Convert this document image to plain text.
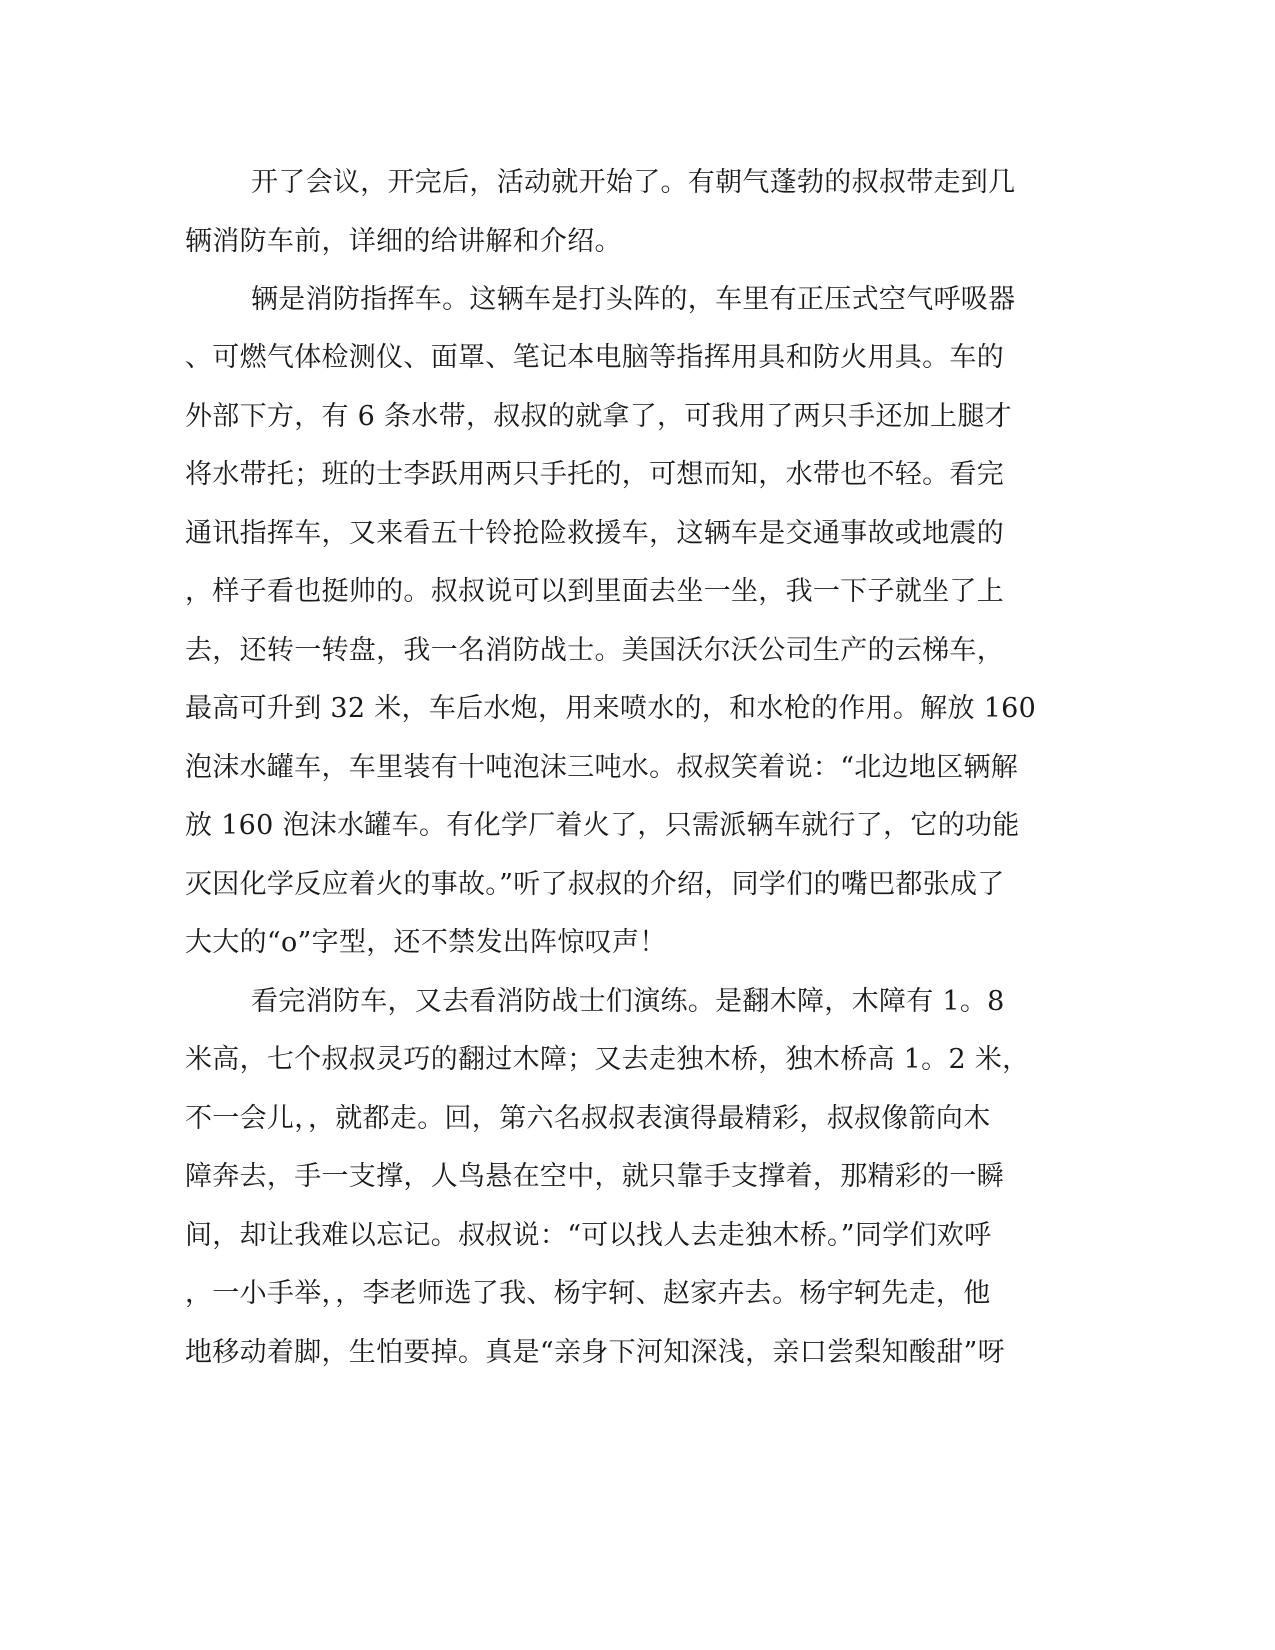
开了会议，开完后，活动就开始了。有朝气蓬勃的叔叔带走到几
辆消防车前，详细的给讲解和介绍。
辆是消防指挥车。这辆车是打头阵的，车里有正压式空气呼吸器
、可燃气体检测仪、面罩、笔记本电脑等指挥用具和防火用具。车的
外部下方，有 6 条水带，叔叔的就拿了，可我用了两只手还加上腿才
将水带托；班的士李跃用两只手托的，可想而知，水带也不轻。看完
通讯指挥车，又来看五十铃抢险救援车，这辆车是交通事故或地震的
，样子看也挺帅的。叔叔说可以到里面去坐一坐，我一下子就坐了上
去，还转一转盘，我一名消防战士。美国沃尔沃公司生产的云梯车，
最高可升到 32 米，车后水炮，用来喷水的，和水枪的作用。解放 160
泡沫水罐车，车里装有十吨泡沫三吨水。叔叔笑着说：“北边地区辆解
放 160 泡沫水罐车。有化学厂着火了，只需派辆车就行了，它的功能
灭因化学反应着火的事故。”听了叔叔的介绍，同学们的嘴巴都张成了
大大的“o”字型，还不禁发出阵惊叹声！
看完消防车，又去看消防战士们演练。是翻木障，木障有 1。8
米高，七个叔叔灵巧的翻过木障；又去走独木桥，独木桥高 1。2 米，
不一会儿，，就都走。回，第六名叔叔表演得最精彩，叔叔像箭向木
障奔去，手一支撑，人鸟悬在空中，就只靠手支撑着，那精彩的一瞬
间，却让我难以忘记。叔叔说：“可以找人去走独木桥。”同学们欢呼
，一小手举，，李老师选了我、杨宇轲、赵家卉去。杨宇轲先走，他
地移动着脚，生怕要掉。真是“亲身下河知深浅，亲口尝梨知酸甜”呀
